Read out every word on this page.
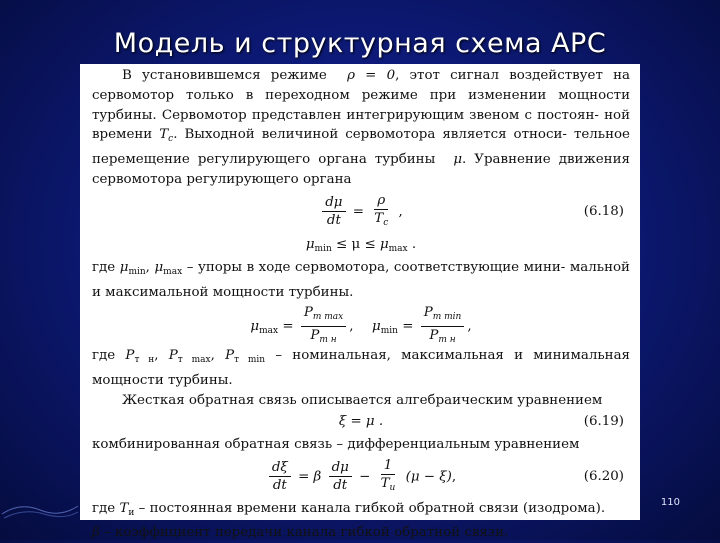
Модель и структурная схема АРС

В установившемся режиме ρ = 0, этот сигнал воздействует на сервомотор только в переходном режиме при изменении мощности турбины. Сервомотор представлен интегрирующим звеном с постоян- ной времени $T_с$. Выходной величиной сервомотора является относи- тельное перемещение регулирующего органа турбины μ. Уравнение движения сервомотора регулирующего органа

$\frac{d\mu}{dt} = \frac{\rho}{T_с}$ ,	(6.18)
$\mu_{min} \le \mu \le \mu_{max}$ .

где $\mu_{min}$, $\mu_{max}$ – упоры в ходе сервомотора, соответствующие мини- мальной и максимальной мощности турбины.

$\mu_{max} = \frac{P_{т max}}{P_{т н}}$ , $\mu_{min} = \frac{P_{т min}}{P_{т н}}$ ,

где $P_{т н}$, $P_{т max}$, $P_{т min}$ – номинальная, максимальная и минимальная мощности турбины.

Жесткая обратная связь описывается алгебраическим уравнением

ξ = μ .	(6.19)

комбинированная обратная связь – дифференциальным уравнением

$\frac{d\xi}{dt} = \beta \frac{d\mu}{dt} - \frac{1}{T_и} (\mu - \xi)$,	(6.20)

где $T_и$ – постоянная времени канала гибкой обратной связи (изодрома).

β – коэффициент передачи канала гибкой обратной связи.

110
